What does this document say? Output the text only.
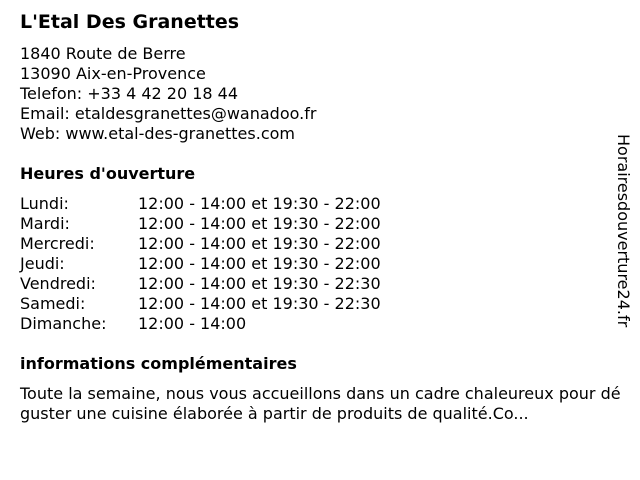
L'Etal Des Granettes
1840 Route de Berre
13090 Aix-en-Provence
Telefon: +33 4 42 20 18 44
Email: etaldesgranettes@wanadoo.fr
Web: www.etal-des-granettes.com
Heures d'ouverture
Lundi:	12:00 - 14:00 et 19:30 - 22:00
Mardi:	12:00 - 14:00 et 19:30 - 22:00
Mercredi:	12:00 - 14:00 et 19:30 - 22:00
Jeudi:	12:00 - 14:00 et 19:30 - 22:00
Vendredi:	12:00 - 14:00 et 19:30 - 22:30
Samedi:	12:00 - 14:00 et 19:30 - 22:30
Dimanche:	12:00 - 14:00
informations complémentaires
Toute la semaine, nous vous accueillons dans un cadre chaleureux pour déguster une cuisine élaborée à partir de produits de qualité.Co...
Horairesdouverture24.fr
